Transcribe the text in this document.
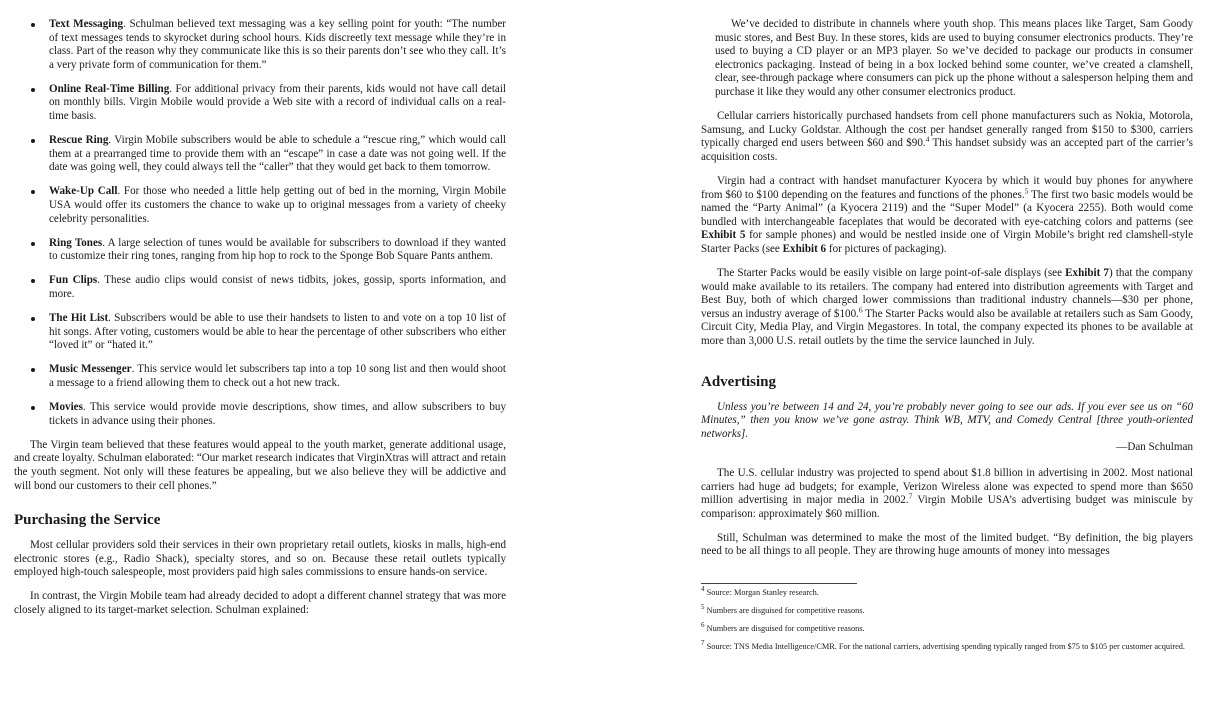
Text Messaging. Schulman believed text messaging was a key selling point for youth: “The number of text messages tends to skyrocket during school hours. Kids discreetly text message while they’re in class. Part of the reason why they communicate like this is so their parents don’t see who they call. It’s a very private form of communication for them.”
Online Real-Time Billing. For additional privacy from their parents, kids would not have call detail on monthly bills. Virgin Mobile would provide a Web site with a record of individual calls on a real-time basis.
Rescue Ring. Virgin Mobile subscribers would be able to schedule a “rescue ring,” which would call them at a prearranged time to provide them with an “escape” in case a date was not going well. If the date was going well, they could always tell the “caller” that they would get back to them tomorrow.
Wake-Up Call. For those who needed a little help getting out of bed in the morning, Virgin Mobile USA would offer its customers the chance to wake up to original messages from a variety of cheeky celebrity personalities.
Ring Tones. A large selection of tunes would be available for subscribers to download if they wanted to customize their ring tones, ranging from hip hop to rock to the Sponge Bob Square Pants anthem.
Fun Clips. These audio clips would consist of news tidbits, jokes, gossip, sports information, and more.
The Hit List. Subscribers would be able to use their handsets to listen to and vote on a top 10 list of hit songs. After voting, customers would be able to hear the percentage of other subscribers who either “loved it” or “hated it.”
Music Messenger. This service would let subscribers tap into a top 10 song list and then would shoot a message to a friend allowing them to check out a hot new track.
Movies. This service would provide movie descriptions, show times, and allow subscribers to buy tickets in advance using their phones.

The Virgin team believed that these features would appeal to the youth market, generate additional usage, and create loyalty. Schulman elaborated: “Our market research indicates that VirginXtras will attract and retain the youth segment. Not only will these features be appealing, but we also believe they will be addictive and will bond our customers to their cell phones.”

Purchasing the Service

Most cellular providers sold their services in their own proprietary retail outlets, kiosks in malls, high-end electronic stores (e.g., Radio Shack), specialty stores, and so on. Because these retail outlets typically employed high-touch salespeople, most providers paid high sales commissions to ensure hands-on service.

In contrast, the Virgin Mobile team had already decided to adopt a different channel strategy that was more closely aligned to its target-market selection. Schulman explained:

We’ve decided to distribute in channels where youth shop. This means places like Target, Sam Goody music stores, and Best Buy. In these stores, kids are used to buying consumer electronics products. They’re used to buying a CD player or an MP3 player. So we’ve decided to package our products in consumer electronics packaging. Instead of being in a box locked behind some counter, we’ve created a clamshell, clear, see-through package where consumers can pick up the phone without a salesperson helping them and purchase it like they would any other consumer electronics product.

Cellular carriers historically purchased handsets from cell phone manufacturers such as Nokia, Motorola, Samsung, and Lucky Goldstar. Although the cost per handset generally ranged from $150 to $300, carriers typically charged end users between $60 and $90.$^4$ This handset subsidy was an accepted part of the carrier’s acquisition costs.

Virgin had a contract with handset manufacturer Kyocera by which it would buy phones for anywhere from $60 to $100 depending on the features and functions of the phones.$^5$ The first two basic models would be named the “Party Animal” (a Kyocera 2119) and the “Super Model” (a Kyocera 2255). Both would come bundled with interchangeable faceplates that would be decorated with eye-catching colors and patterns (see Exhibit 5 for sample phones) and would be nestled inside one of Virgin Mobile’s bright red clamshell-style Starter Packs (see Exhibit 6 for pictures of packaging).

The Starter Packs would be easily visible on large point-of-sale displays (see Exhibit 7) that the company would make available to its retailers. The company had entered into distribution agreements with Target and Best Buy, both of which charged lower commissions than traditional industry channels—$30 per phone, versus an industry average of $100.$^6$ The Starter Packs would also be available at retailers such as Sam Goody, Circuit City, Media Play, and Virgin Megastores. In total, the company expected its phones to be available at more than 3,000 U.S. retail outlets by the time the service launched in July.

Advertising

Unless you’re between 14 and 24, you’re probably never going to see our ads. If you ever see us on “60 Minutes,” then you know we’ve gone astray. Think WB, MTV, and Comedy Central [three youth-oriented networks].

—Dan Schulman

The U.S. cellular industry was projected to spend about $1.8 billion in advertising in 2002. Most national carriers had huge ad budgets; for example, Verizon Wireless alone was expected to spend more than $650 million advertising in major media in 2002.$^7$ Virgin Mobile USA’s advertising budget was miniscule by comparison: approximately $60 million.

Still, Schulman was determined to make the most of the limited budget. “By definition, the big players need to be all things to all people. They are throwing huge amounts of money into messages

$^4$ Source: Morgan Stanley research.

$^5$ Numbers are disguised for competitive reasons.

$^6$ Numbers are disguised for competitive reasons.

$^7$ Source: TNS Media Intelligence/CMR. For the national carriers, advertising spending typically ranged from $75 to $105 per customer acquired.
